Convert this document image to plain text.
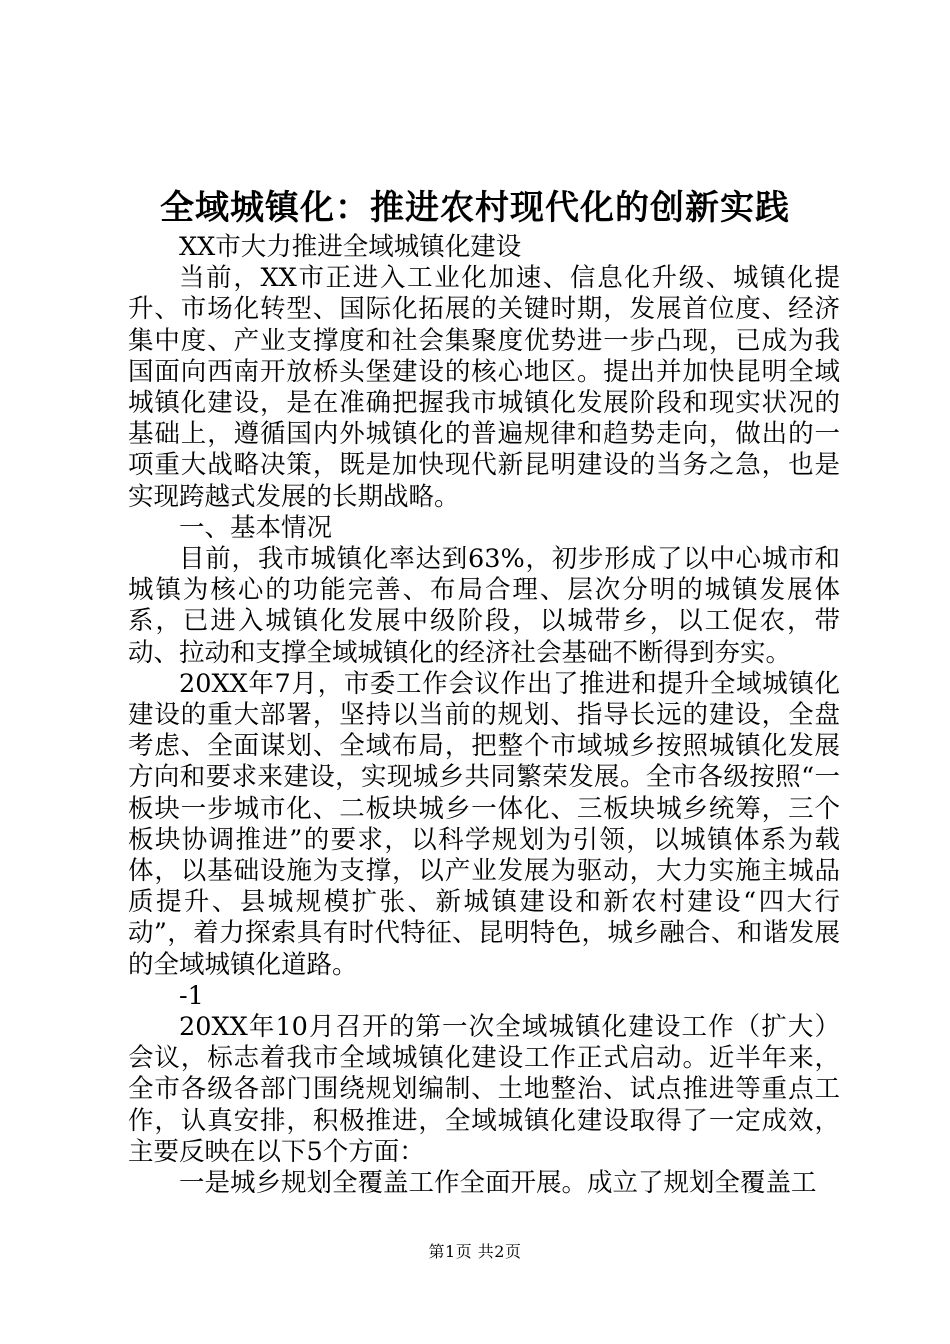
全域城镇化：推进农村现代化的创新实践

XX市大力推进全域城镇化建设

当前，XX市正进入工业化加速、信息化升级、城镇化提升、市场化转型、国际化拓展的关键时期，发展首位度、经济集中度、产业支撑度和社会集聚度优势进一步凸现，已成为我国面向西南开放桥头堡建设的核心地区。提出并加快昆明全域城镇化建设，是在准确把握我市城镇化发展阶段和现实状况的基础上，遵循国内外城镇化的普遍规律和趋势走向，做出的一项重大战略决策，既是加快现代新昆明建设的当务之急，也是实现跨越式发展的长期战略。

一、基本情况

目前，我市城镇化率达到63%，初步形成了以中心城市和城镇为核心的功能完善、布局合理、层次分明的城镇发展体系，已进入城镇化发展中级阶段，以城带乡，以工促农，带动、拉动和支撑全域城镇化的经济社会基础不断得到夯实。

20XX年7月，市委工作会议作出了推进和提升全域城镇化建设的重大部署，坚持以当前的规划、指导长远的建设，全盘考虑、全面谋划、全域布局，把整个市域城乡按照城镇化发展方向和要求来建设，实现城乡共同繁荣发展。全市各级按照“一板块一步城市化、二板块城乡一体化、三板块城乡统筹，三个板块协调推进”的要求，以科学规划为引领，以城镇体系为载体，以基础设施为支撑，以产业发展为驱动，大力实施主城品质提升、县城规模扩张、新城镇建设和新农村建设“四大行动”，着力探索具有时代特征、昆明特色，城乡融合、和谐发展的全域城镇化道路。

-1

20XX年10月召开的第一次全域城镇化建设工作（扩大）会议，标志着我市全域城镇化建设工作正式启动。近半年来，全市各级各部门围绕规划编制、土地整治、试点推进等重点工作，认真安排，积极推进，全域城镇化建设取得了一定成效，主要反映在以下5个方面：

一是城乡规划全覆盖工作全面开展。成立了规划全覆盖工

第1页 共2页
